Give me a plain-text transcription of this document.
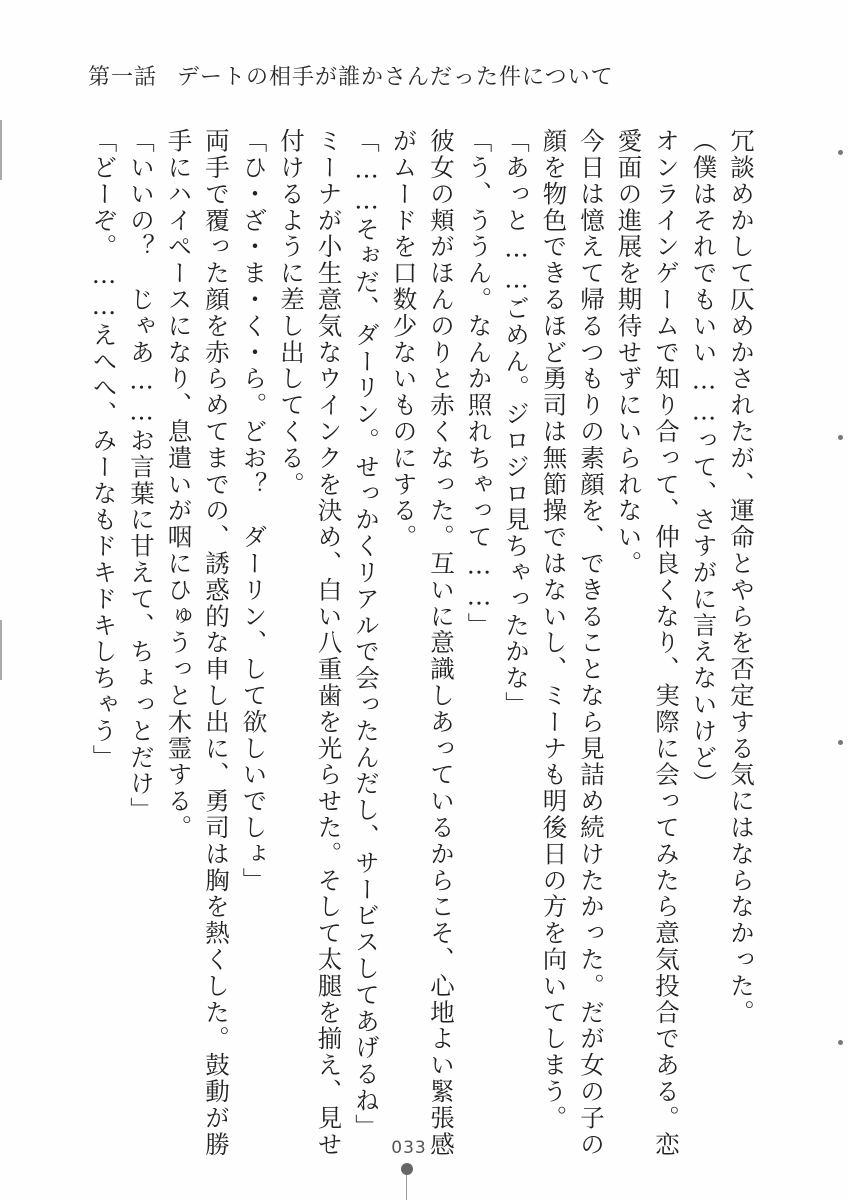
第一話 デートの相手が誰かさんだった件について
冗談めかして仄めかされたが、運命とやらを否定する気にはならなかった。
（僕はそれでもいい……って、さすがに言えないけど）
オンラインゲームで知り合って、仲良くなり、実際に会ってみたら意気投合である。恋
愛面の進展を期待せずにいられない。
今日は憶えて帰るつもりの素顔を、できることなら見詰め続けたかった。だが女の子の
顔を物色できるほど勇司は無節操ではないし、ミーナも明後日の方を向いてしまう。
「あっと……ごめん。ジロジロ見ちゃったかな」
「う、ううん。なんか照れちゃって……」
彼女の頬がほんのりと赤くなった。互いに意識しあっているからこそ、心地よい緊張感
がムードを口数少ないものにする。
「……そぉだ、ダーリン。せっかくリアルで会ったんだし、サービスしてあげるね」
ミーナが小生意気なウインクを決め、白い八重歯を光らせた。そして太腿を揃え、見せ
付けるように差し出してくる。
「ひ・ざ・ま・く・ら。どお？　ダーリン、して欲しいでしょ」
両手で覆った顔を赤らめてまでの、誘惑的な申し出に、勇司は胸を熱くした。鼓動が勝
手にハイペースになり、息遣いが咽にひゅうっと木霊する。
「いいの？　じゃあ……お言葉に甘えて、ちょっとだけ」
「どーぞ。……えへへ、みーなもドキドキしちゃう」
033
